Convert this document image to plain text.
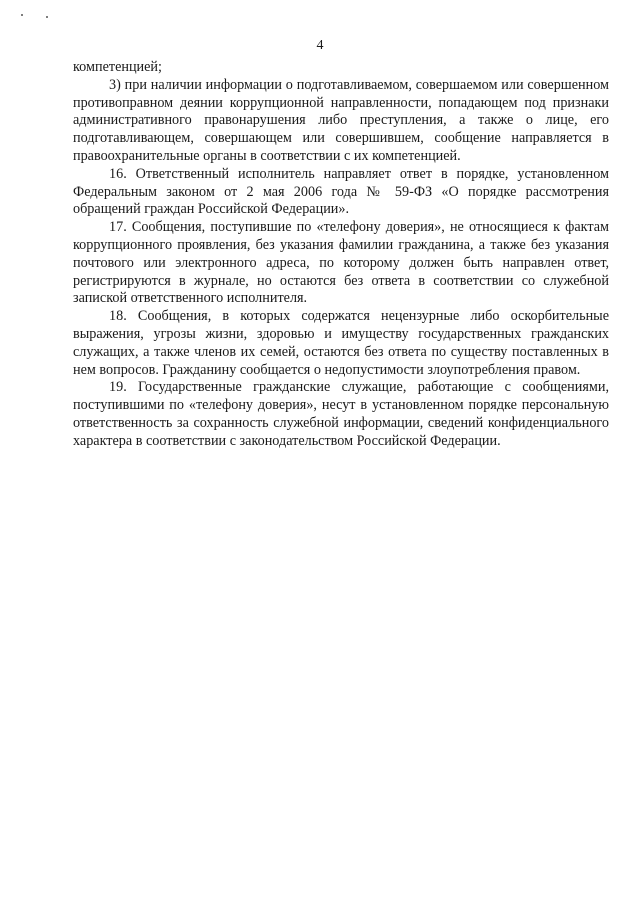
4

компетенцией;

3) при наличии информации о подготавливаемом, совершаемом или совершенном противоправном деянии коррупционной направленности, попадающем под признаки административного правонарушения либо преступления, а также о лице, его подготавливающем, совершающем или совершившем, сообщение направляется в правоохранительные органы в соответствии с их компетенцией.

16. Ответственный исполнитель направляет ответ в порядке, установленном Федеральным законом от 2 мая 2006 года № 59-ФЗ «О порядке рассмотрения обращений граждан Российской Федерации».

17. Сообщения, поступившие по «телефону доверия», не относящиеся к фактам коррупционного проявления, без указания фамилии гражданина, а также без указания почтового или электронного адреса, по которому должен быть направлен ответ, регистрируются в журнале, но остаются без ответа в соответствии со служебной запиской ответственного исполнителя.

18. Сообщения, в которых содержатся нецензурные либо оскорбительные выражения, угрозы жизни, здоровью и имуществу государственных гражданских служащих, а также членов их семей, остаются без ответа по существу поставленных в нем вопросов. Гражданину сообщается о недопустимости злоупотребления правом.

19. Государственные гражданские служащие, работающие с сообщениями, поступившими по «телефону доверия», несут в установленном порядке персональную ответственность за сохранность служебной информации, сведений конфиденциального характера в соответствии с законодательством Российской Федерации.
